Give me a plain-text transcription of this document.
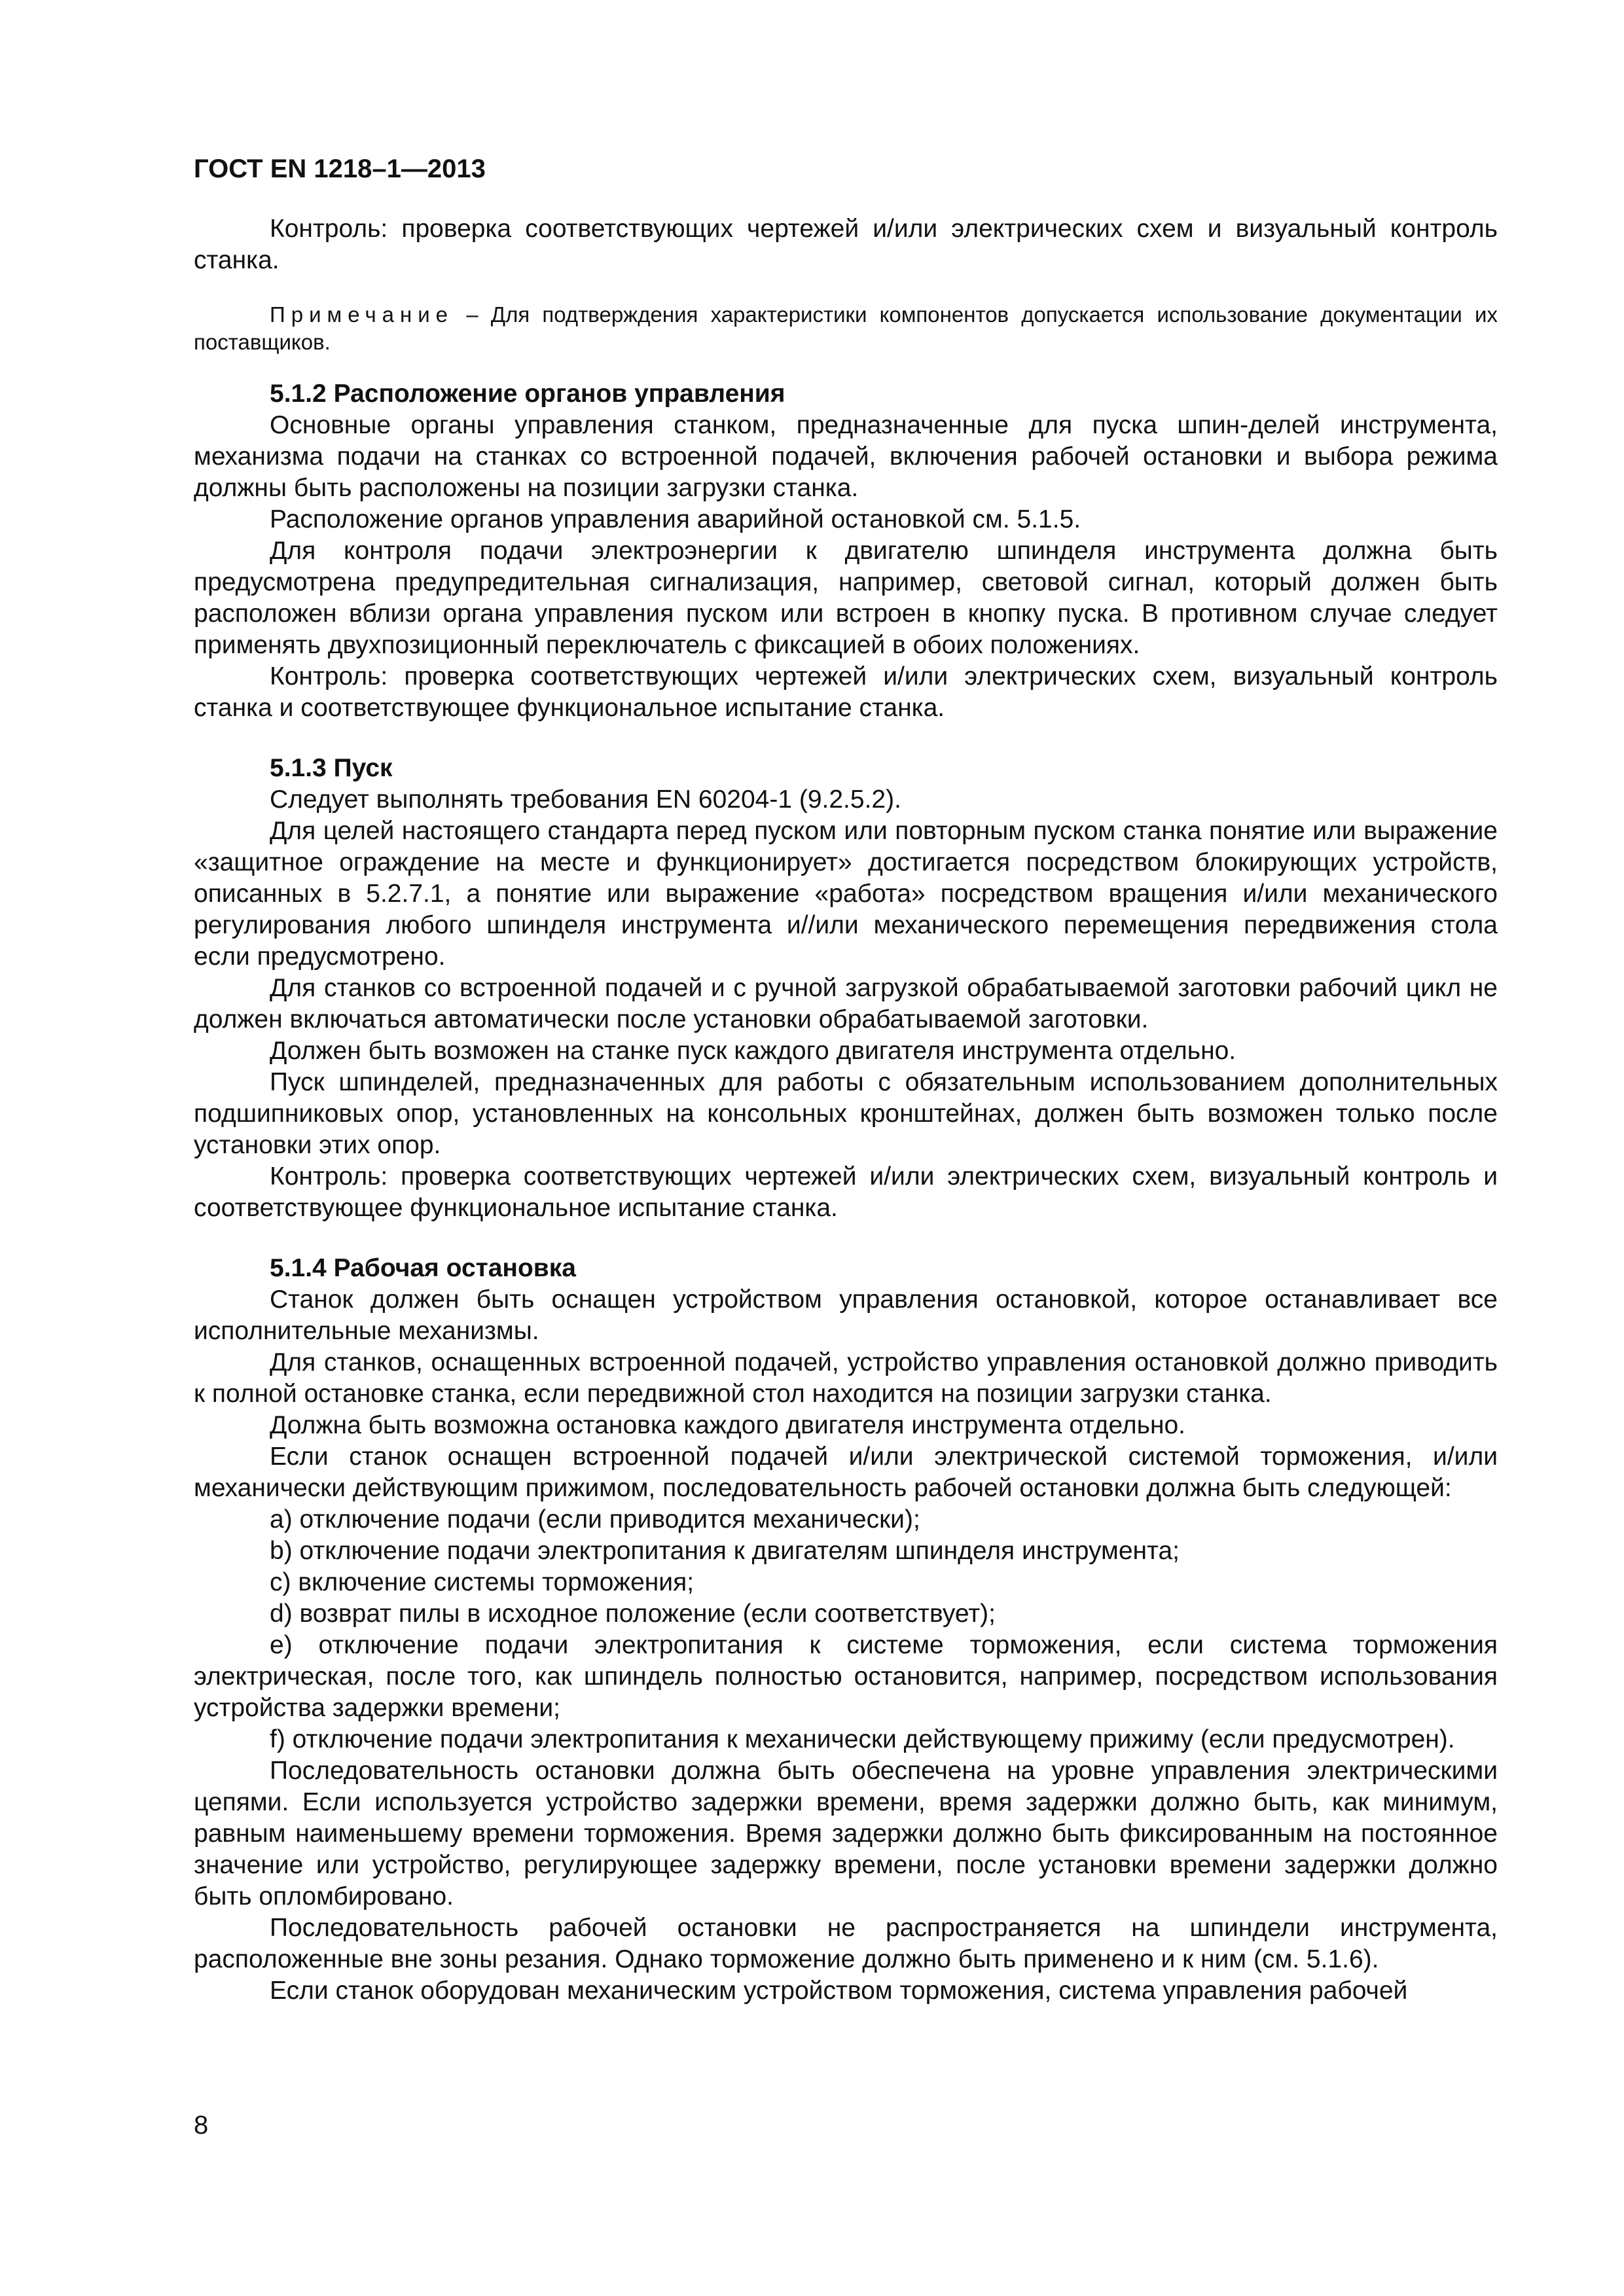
ГОСТ EN 1218–1—2013

Контроль: проверка соответствующих чертежей и/или электрических схем и визуальный контроль станка.

Примечание – Для подтверждения характеристики компонентов допускается использование документации их поставщиков.

5.1.2 Расположение органов управления

Основные органы управления станком, предназначенные для пуска шпин-делей инструмента, механизма подачи на станках со встроенной подачей, включения рабочей остановки и выбора режима должны быть расположены на позиции загрузки станка.

Расположение органов управления аварийной остановкой см. 5.1.5.

Для контроля подачи электроэнергии к двигателю шпинделя инструмента должна быть предусмотрена предупредительная сигнализация, например, световой сигнал, который должен быть расположен вблизи органа управления пуском или встроен в кнопку пуска. В противном случае следует применять двухпозиционный переключатель с фиксацией в обоих положениях.

Контроль: проверка соответствующих чертежей и/или электрических схем, визуальный контроль станка и соответствующее функциональное испытание станка.

5.1.3 Пуск

Следует выполнять требования EN 60204-1 (9.2.5.2).

Для целей настоящего стандарта перед пуском или повторным пуском станка понятие или выражение «защитное ограждение на месте и функционирует» достигается посредством блокирующих устройств, описанных в 5.2.7.1, а понятие или выражение «работа» посредством вращения и/или механического регулирования любого шпинделя инструмента и//или механического перемещения передвижения стола если предусмотрено.

Для станков со встроенной подачей и с ручной загрузкой обрабатываемой заготовки рабочий цикл не должен включаться автоматически после установки обрабатываемой заготовки.

Должен быть возможен на станке пуск каждого двигателя инструмента отдельно.

Пуск шпинделей, предназначенных для работы с обязательным использованием дополнительных подшипниковых опор, установленных на консольных кронштейнах, должен быть возможен только после установки этих опор.

Контроль: проверка соответствующих чертежей и/или электрических схем, визуальный контроль и соответствующее функциональное испытание станка.

5.1.4 Рабочая остановка

Станок должен быть оснащен устройством управления остановкой, которое останавливает все исполнительные механизмы.

Для станков, оснащенных встроенной подачей, устройство управления остановкой должно приводить к полной остановке станка, если передвижной стол находится на позиции загрузки станка.

Должна быть возможна остановка каждого двигателя инструмента отдельно.

Если станок оснащен встроенной подачей и/или электрической системой торможения, и/или механически действующим прижимом, последовательность рабочей остановки должна быть следующей:

a) отключение подачи (если приводится механически);

b) отключение подачи электропитания к двигателям шпинделя инструмента;

c) включение системы торможения;

d) возврат пилы в исходное положение (если соответствует);

e) отключение подачи электропитания к системе торможения, если система торможения электрическая, после того, как шпиндель полностью остановится, например, посредством использования устройства задержки времени;

f) отключение подачи электропитания к механически действующему прижиму (если предусмотрен).

Последовательность остановки должна быть обеспечена на уровне управления электрическими цепями. Если используется устройство задержки времени, время задержки должно быть, как минимум, равным наименьшему времени торможения. Время задержки должно быть фиксированным на постоянное значение или устройство, регулирующее задержку времени, после установки времени задержки должно быть опломбировано.

Последовательность рабочей остановки не распространяется на шпиндели инструмента, расположенные вне зоны резания. Однако торможение должно быть применено и к ним (см. 5.1.6).

Если станок оборудован механическим устройством торможения, система управления рабочей

8
